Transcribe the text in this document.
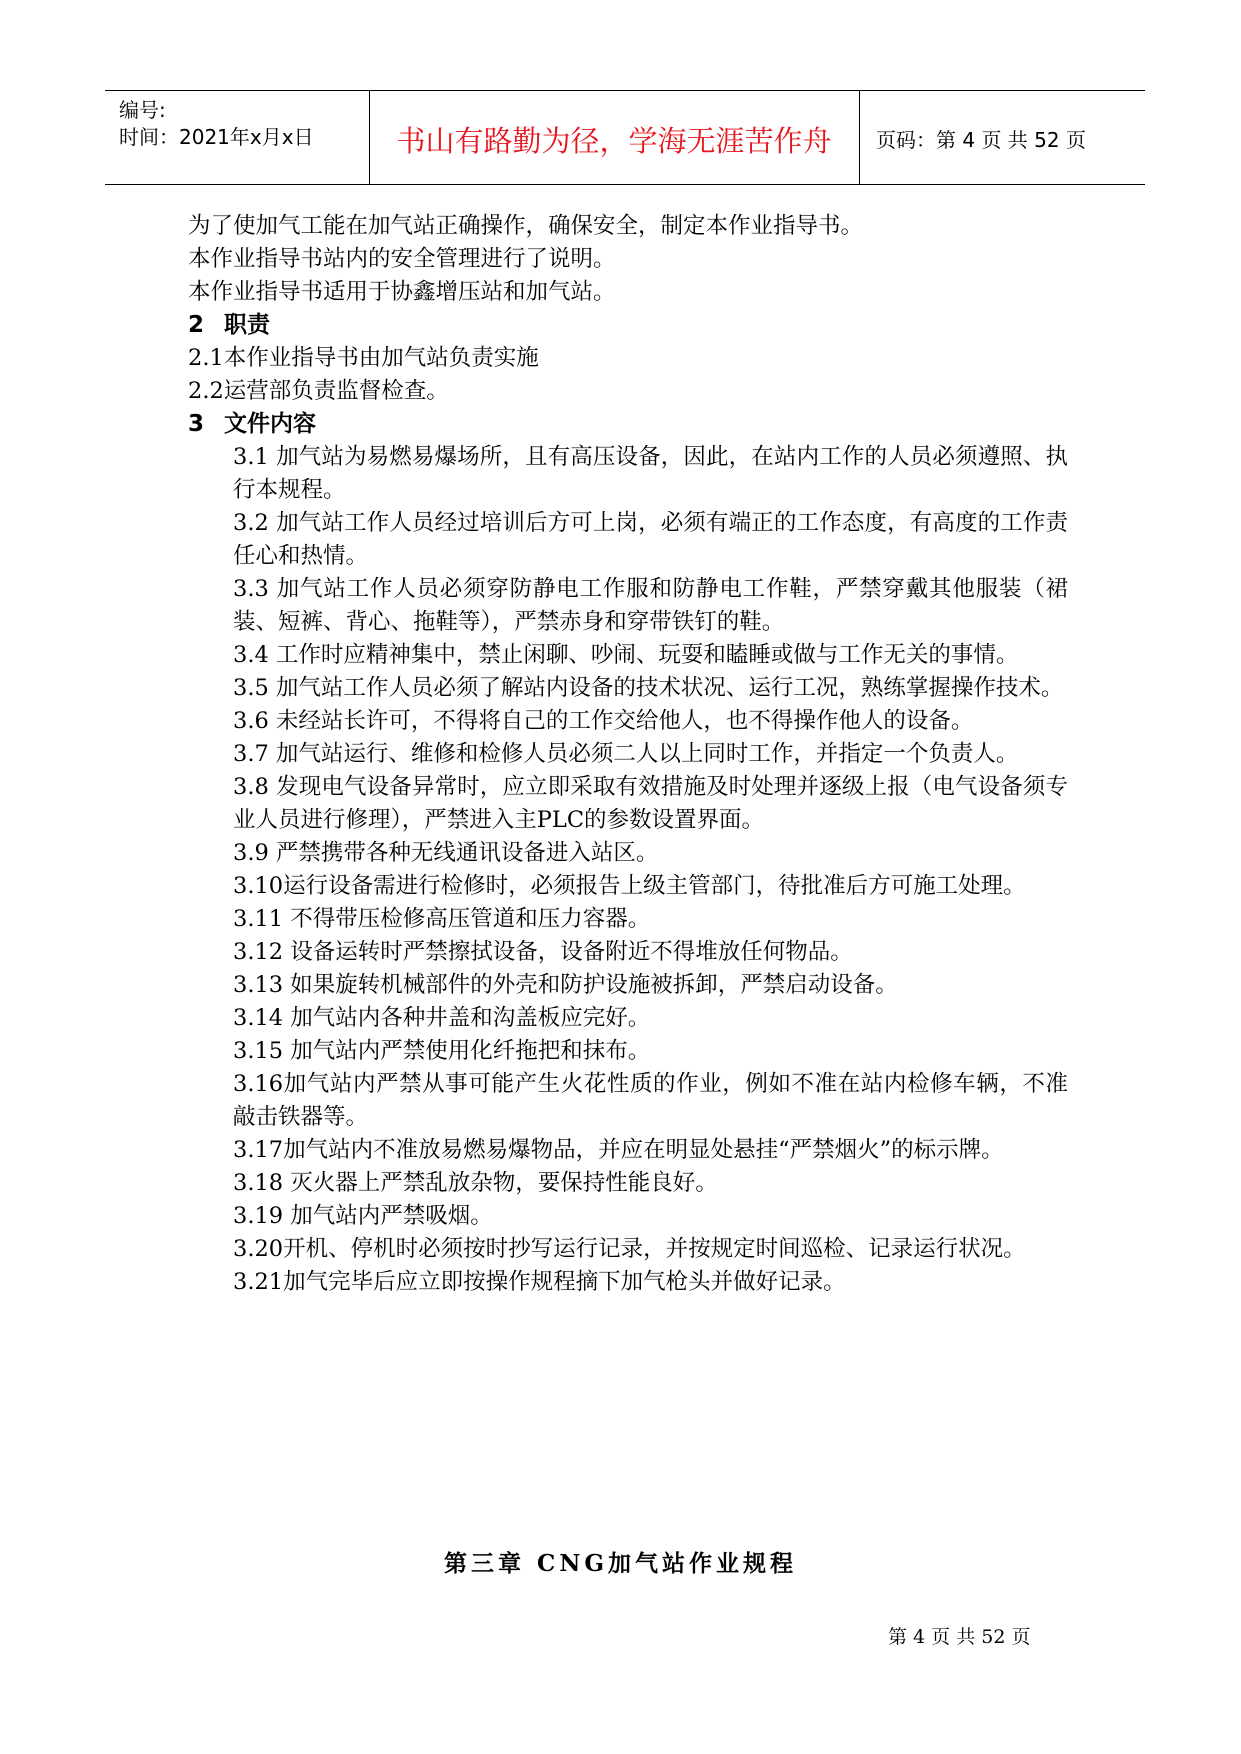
编号:
时间：2021年x月x日	书山有路勤为径，学海无涯苦作舟	页码：第 4 页 共 52 页
为了使加气工能在加气站正确操作，确保安全，制定本作业指导书。
本作业指导书站内的安全管理进行了说明。
本作业指导书适用于协鑫增压站和加气站。
2 职责
2.1本作业指导书由加气站负责实施
2.2运营部负责监督检查。
3 文件内容
3.1 加气站为易燃易爆场所，且有高压设备，因此，在站内工作的人员必须遵照、执行本规程。
3.2 加气站工作人员经过培训后方可上岗，必须有端正的工作态度，有高度的工作责任心和热情。
3.3 加气站工作人员必须穿防静电工作服和防静电工作鞋，严禁穿戴其他服装（裙装、短裤、背心、拖鞋等），严禁赤身和穿带铁钉的鞋。
3.4 工作时应精神集中，禁止闲聊、吵闹、玩耍和瞌睡或做与工作无关的事情。
3.5 加气站工作人员必须了解站内设备的技术状况、运行工况，熟练掌握操作技术。
3.6 未经站长许可，不得将自己的工作交给他人，也不得操作他人的设备。
3.7 加气站运行、维修和检修人员必须二人以上同时工作，并指定一个负责人。
3.8 发现电气设备异常时，应立即采取有效措施及时处理并逐级上报（电气设备须专业人员进行修理），严禁进入主PLC的参数设置界面。
3.9 严禁携带各种无线通讯设备进入站区。
3.10运行设备需进行检修时，必须报告上级主管部门，待批准后方可施工处理。
3.11 不得带压检修高压管道和压力容器。
3.12 设备运转时严禁擦拭设备，设备附近不得堆放任何物品。
3.13 如果旋转机械部件的外壳和防护设施被拆卸，严禁启动设备。
3.14 加气站内各种井盖和沟盖板应完好。
3.15 加气站内严禁使用化纤拖把和抹布。
3.16加气站内严禁从事可能产生火花性质的作业，例如不准在站内检修车辆，不准敲击铁器等。
3.17加气站内不准放易燃易爆物品，并应在明显处悬挂“严禁烟火”的标示牌。
3.18 灭火器上严禁乱放杂物，要保持性能良好。
3.19 加气站内严禁吸烟。
3.20开机、停机时必须按时抄写运行记录，并按规定时间巡检、记录运行状况。
3.21加气完毕后应立即按操作规程摘下加气枪头并做好记录。
第三章 CNG加气站作业规程
第 4 页 共 52 页
